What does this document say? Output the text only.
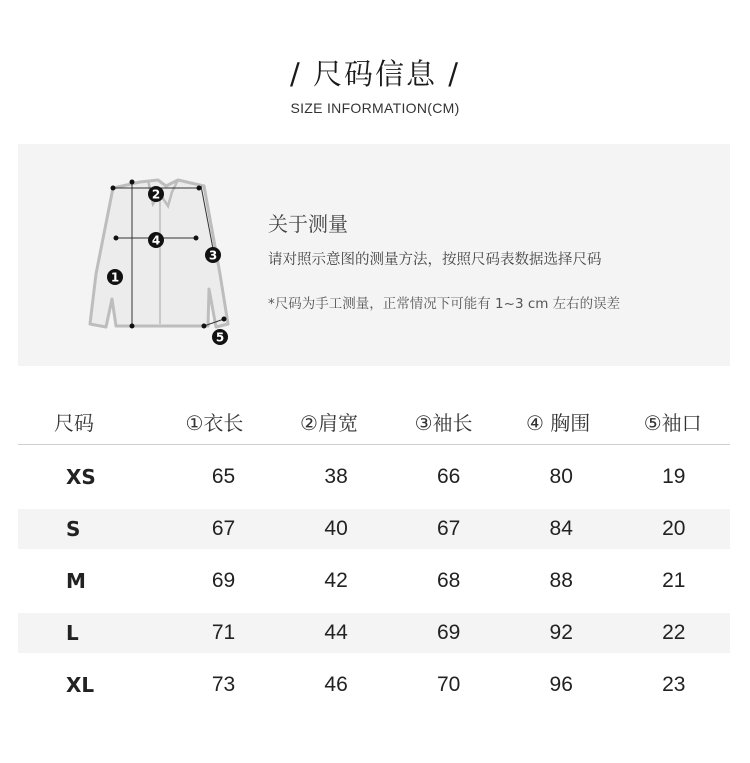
/ 尺码信息 /
SIZE INFORMATION(CM)
1
2
3
4
5
关于测量
请对照示意图的测量方法，按照尺码表数据选择尺码
*尺码为手工测量，正常情况下可能有 1~3 cm 左右的误差
尺码	①衣长	②肩宽	③袖长	④ 胸围	⑤袖口
XS	65	38	66	80	19
S	67	40	67	84	20
M	69	42	68	88	21
L	71	44	69	92	22
XL	73	46	70	96	23
